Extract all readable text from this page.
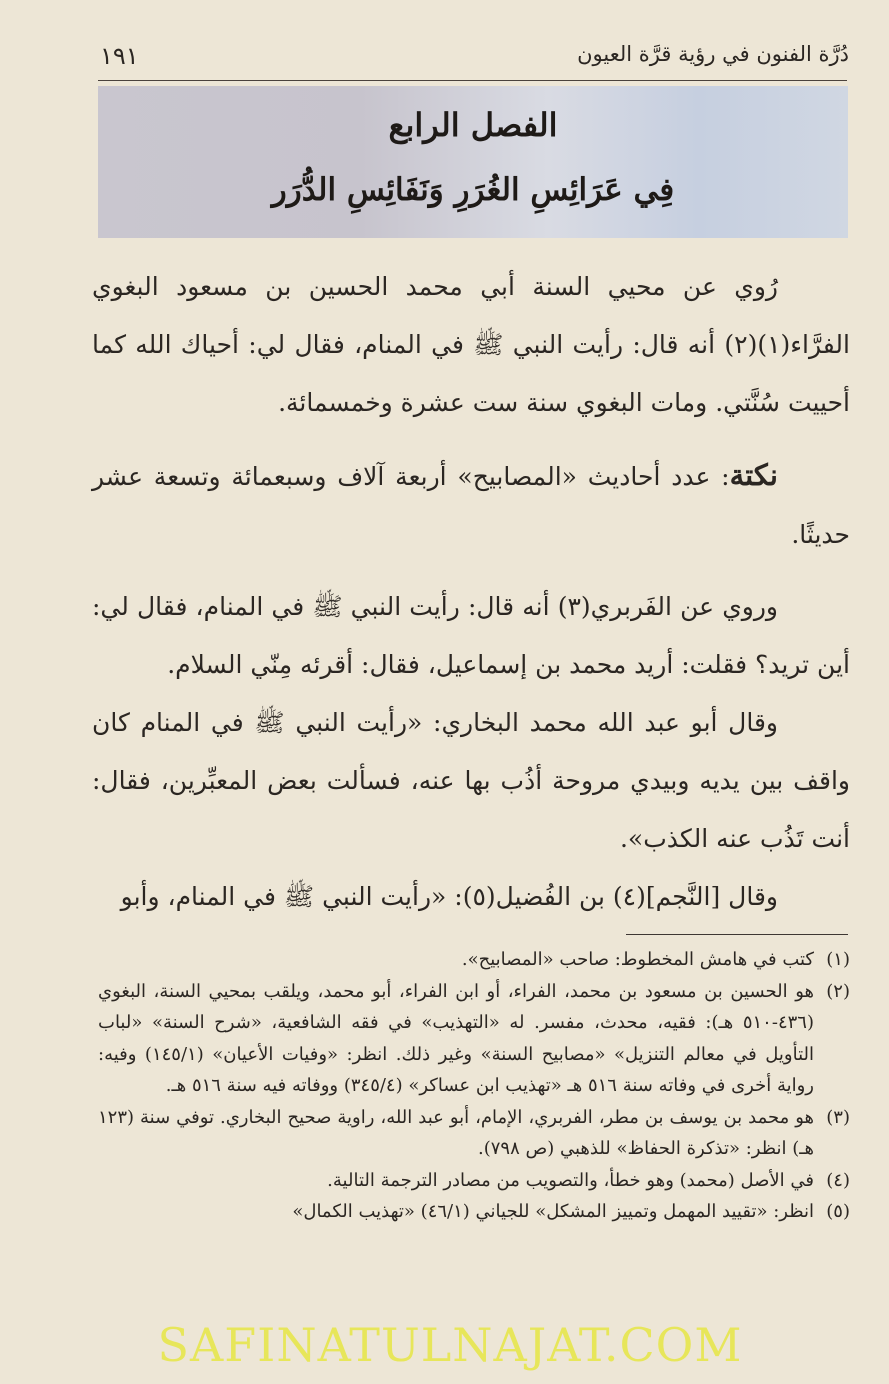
دُرَّة الفنون في رؤية قرَّة العيون
١٩١
الفصل الرابع
فِي عَرَائِسِ الغُرَرِ وَنَفَائِسِ الدُّرَر

رُوي عن محيي السنة أبي محمد الحسين بن مسعود البغوي الفرَّاء(١)(٢) أنه قال: رأيت النبي ﷺ في المنام، فقال لي: أحياك الله كما أحييت سُنَّتي. ومات البغوي سنة ست عشرة وخمسمائة.

نكتة: عدد أحاديث «المصابيح» أربعة آلاف وسبعمائة وتسعة عشر حديثًا.

وروي عن الفَربري(٣) أنه قال: رأيت النبي ﷺ في المنام، فقال لي: أين تريد؟ فقلت: أريد محمد بن إسماعيل، فقال: أقرئه مِنّي السلام.

وقال أبو عبد الله محمد البخاري: «رأيت النبي ﷺ في المنام كان واقف بين يديه وبيدي مروحة أذُب بها عنه، فسألت بعض المعبِّرين، فقال: أنت تَذُب عنه الكذب».

وقال [النَّجم](٤) بن الفُضيل(٥): «رأيت النبي ﷺ في المنام، وأبو

(١)
كتب في هامش المخطوط: صاحب «المصابيح».
(٢)
هو الحسين بن مسعود بن محمد، الفراء، أو ابن الفراء، أبو محمد، ويلقب بمحيي السنة، البغوي (٤٣٦-٥١٠ هـ): فقيه، محدث، مفسر. له «التهذيب» في فقه الشافعية، «شرح السنة» «لباب التأويل في معالم التنزيل» «مصابيح السنة» وغير ذلك. انظر: «وفيات الأعيان» (١٤٥/١) وفيه: رواية أخرى في وفاته سنة ٥١٦ هـ «تهذيب ابن عساكر» (٣٤٥/٤) ووفاته فيه سنة ٥١٦ هـ.
(٣)
هو محمد بن يوسف بن مطر، الفربري، الإمام، أبو عبد الله، راوية صحيح البخاري. توفي سنة (١٢٣ هـ) انظر: «تذكرة الحفاظ» للذهبي (ص ٧٩٨).
(٤)
في الأصل (محمد) وهو خطأ، والتصويب من مصادر الترجمة التالية.
(٥)
انظر: «تقييد المهمل وتمييز المشكل» للجياني (٤٦/١) «تهذيب الكمال»
SAFINATULNAJAT.COM
